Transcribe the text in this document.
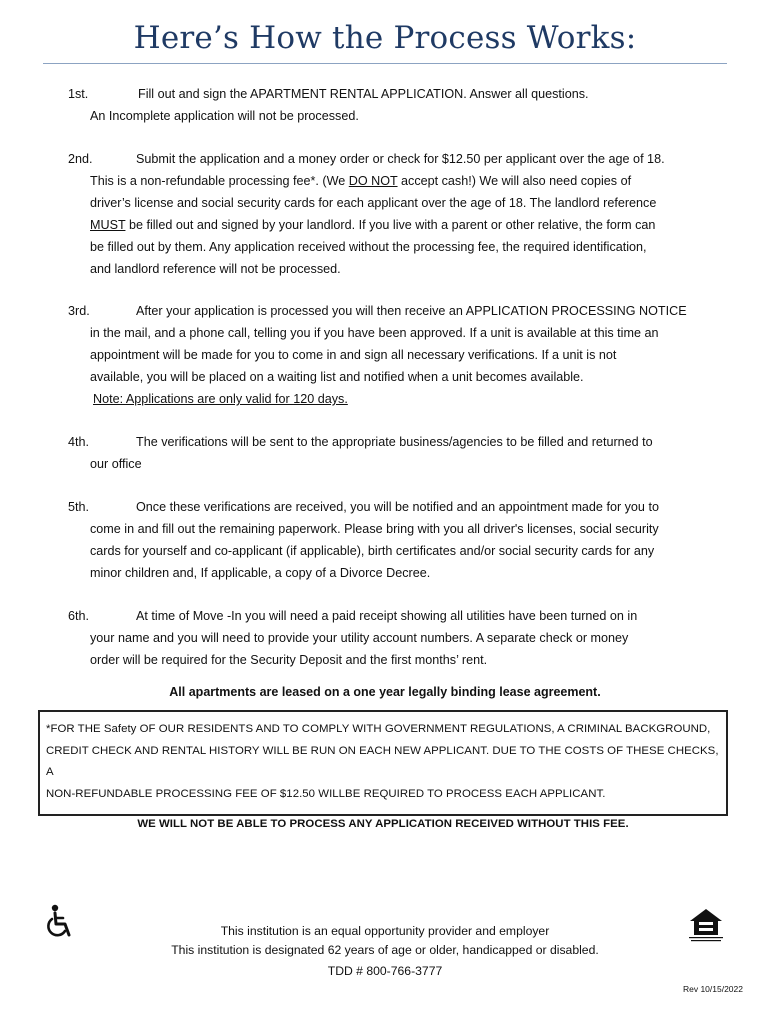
Here’s How the Process Works:
1st.	Fill out and sign the APARTMENT RENTAL APPLICATION. Answer all questions.
An Incomplete application will not be processed.
2nd.	Submit the application and a money order or check for $12.50 per applicant over the age of 18.
This is a non-refundable processing fee*. (We DO NOT accept cash!) We will also need copies of
driver’s license and social security cards for each applicant over the age of 18. The landlord reference
MUST be filled out and signed by your landlord. If you live with a parent or other relative, the form can
be filled out by them. Any application received without the processing fee, the required identification,
and landlord reference will not be processed.
3rd.	After your application is processed you will then receive an APPLICATION PROCESSING NOTICE
in the mail, and a phone call, telling you if you have been approved. If a unit is available at this time an
appointment will be made for you to come in and sign all necessary verifications. If a unit is not
available, you will be placed on a waiting list and notified when a unit becomes available.
Note: Applications are only valid for 120 days.
4th.	The verifications will be sent to the appropriate business/agencies to be filled and returned to
our office
5th.	Once these verifications are received, you will be notified and an appointment made for you to
come in and fill out the remaining paperwork. Please bring with you all driver's licenses, social security
cards for yourself and co-applicant (if applicable), birth certificates and/or social security cards for any
minor children and, If applicable, a copy of a Divorce Decree.
6th.	At time of Move -In you will need a paid receipt showing all utilities have been turned on in
your name and you will need to provide your utility account numbers. A separate check or money
order will be required for the Security Deposit and the first months’ rent.
All apartments are leased on a one year legally binding lease agreement.
*FOR THE Safety OF OUR RESIDENTS AND TO COMPLY WITH GOVERNMENT REGULATIONS, A CRIMINAL BACKGROUND,
CREDIT CHECK AND RENTAL HISTORY WILL BE RUN ON EACH NEW APPLICANT. DUE TO THE COSTS OF THESE CHECKS, A
NON-REFUNDABLE PROCESSING FEE OF $12.50 WILLBE REQUIRED TO PROCESS EACH APPLICANT.
WE WILL NOT BE ABLE TO PROCESS ANY APPLICATION RECEIVED WITHOUT THIS FEE.
This institution is an equal opportunity provider and employer
This institution is designated 62 years of age or older, handicapped or disabled.
TDD # 800-766-3777
Rev 10/15/2022
